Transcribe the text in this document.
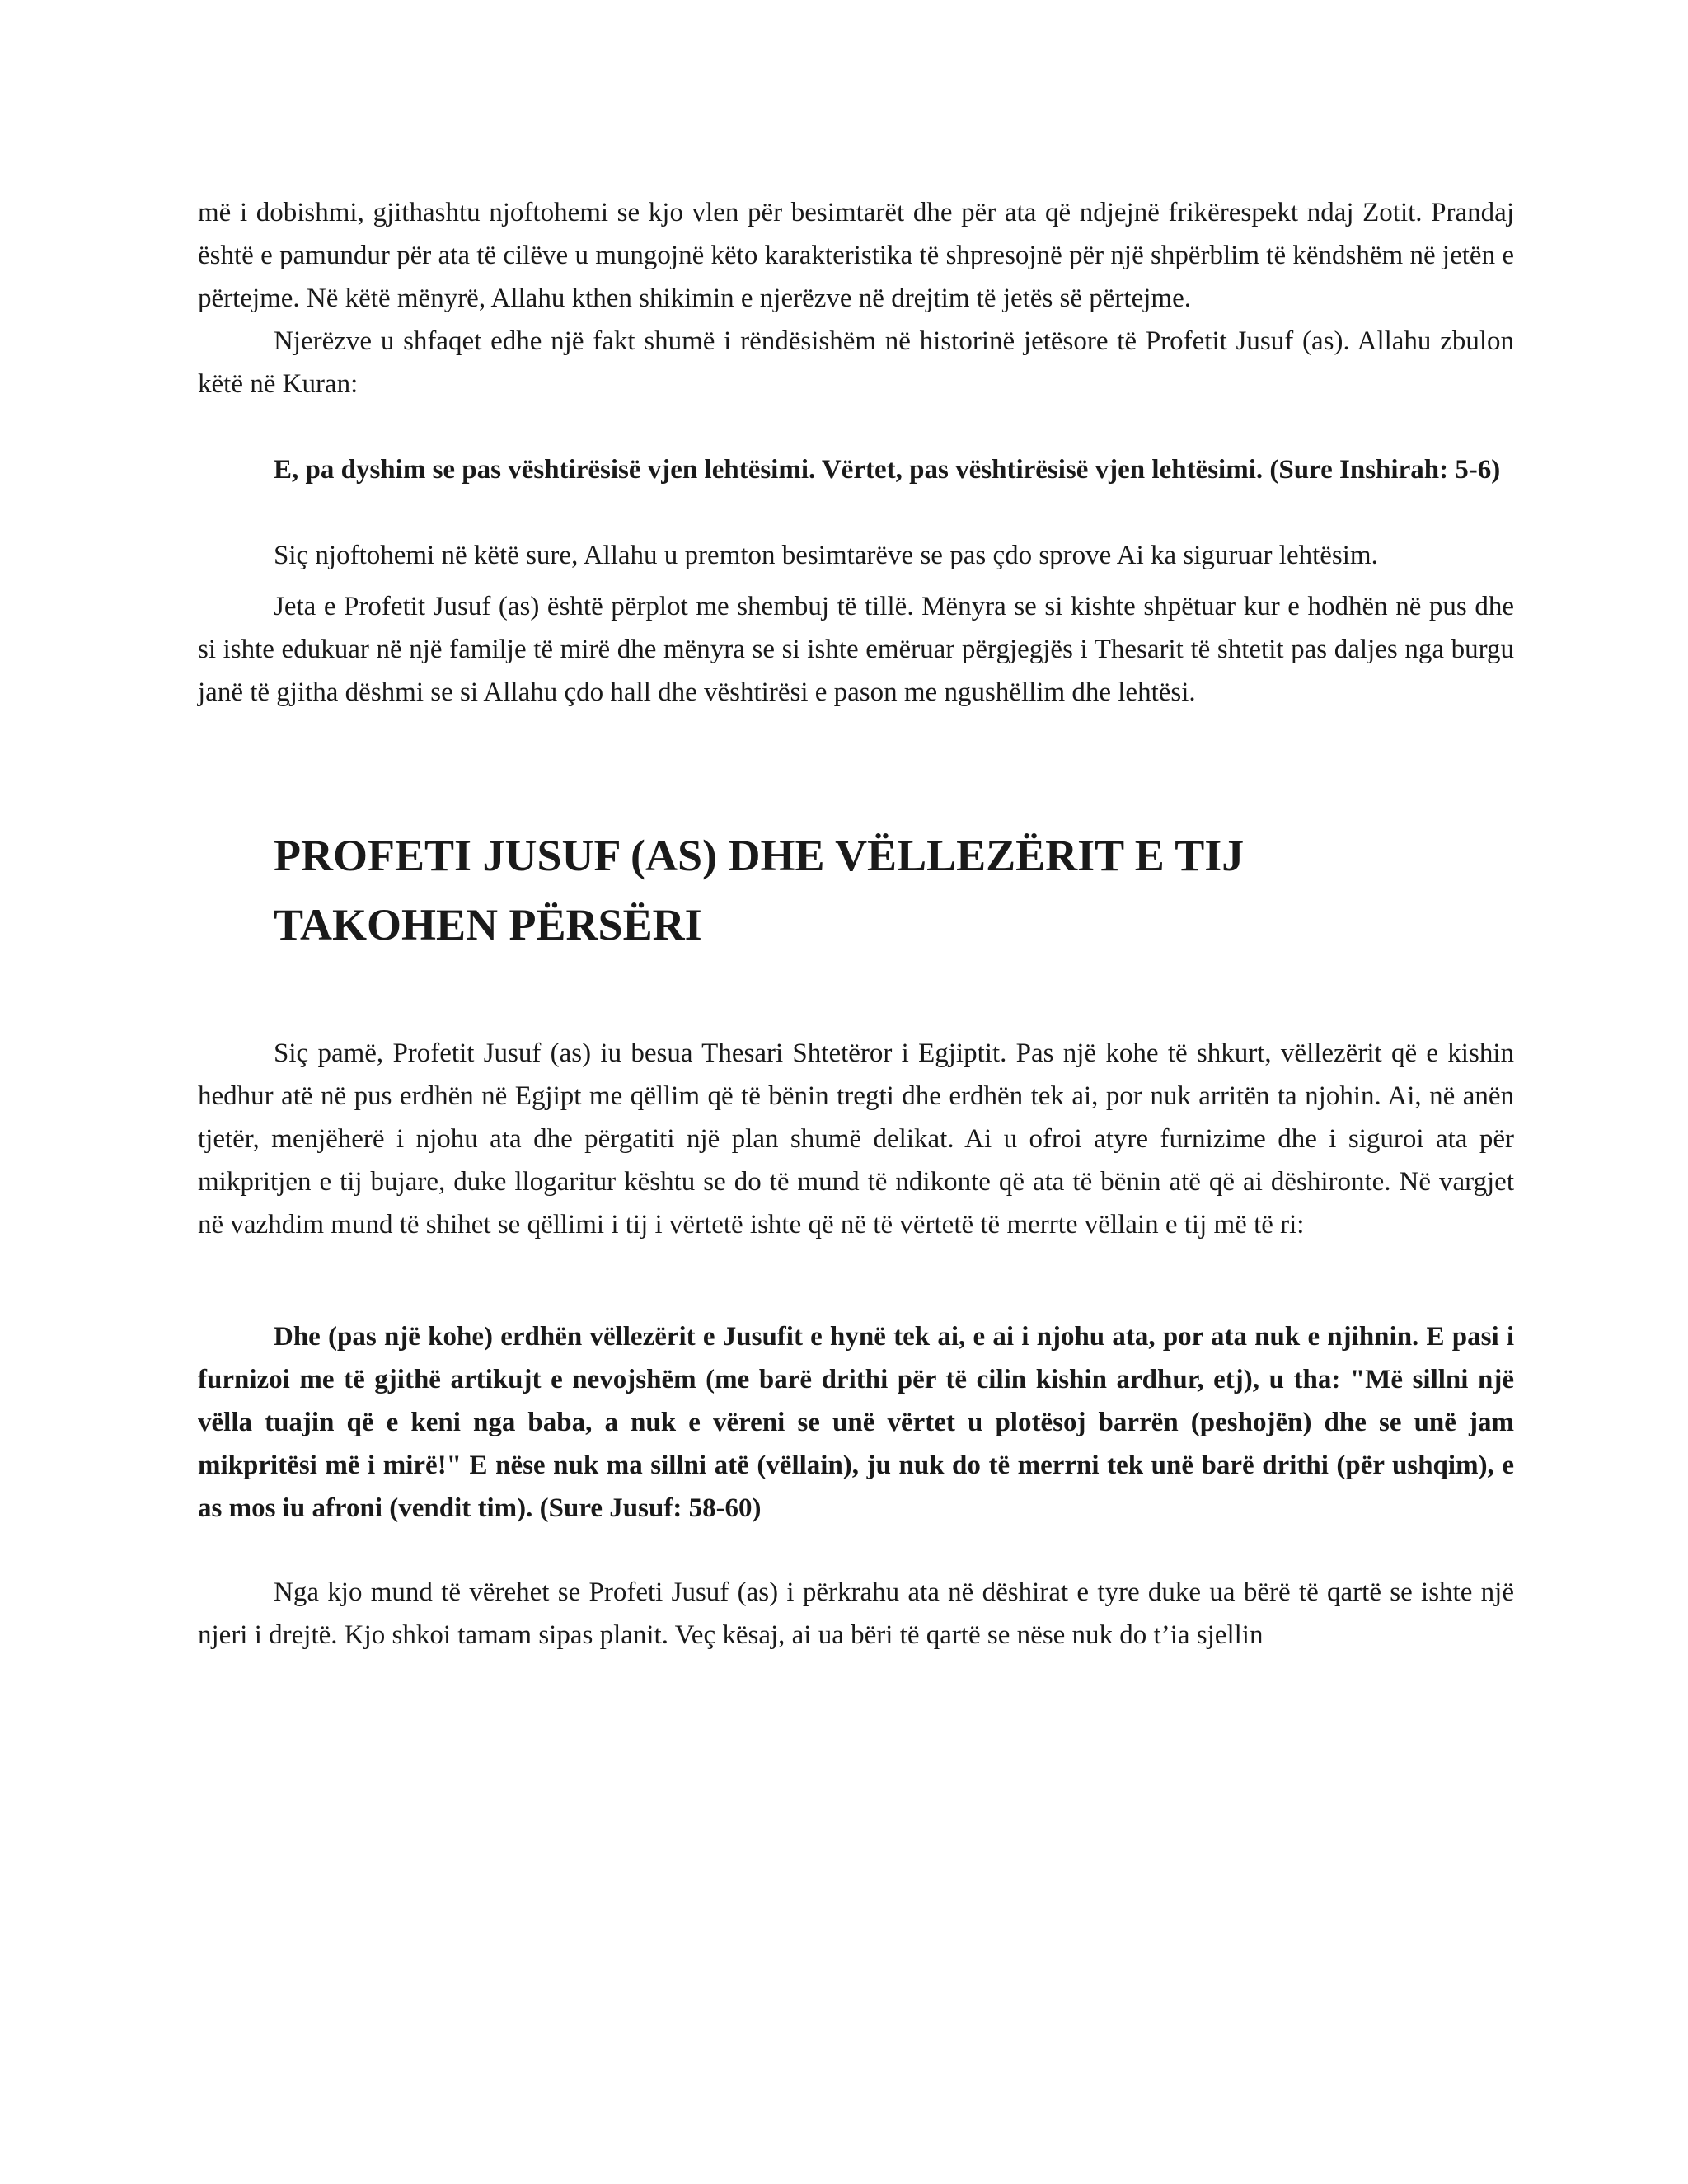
më i dobishmi, gjithashtu njoftohemi se kjo vlen për besimtarët dhe për ata që ndjejnë frikërespekt ndaj Zotit. Prandaj është e pamundur për ata të cilëve u mungojnë këto karakteristika të shpresojnë për një shpërblim të këndshëm në jetën e përtejme. Në këtë mënyrë, Allahu kthen shikimin e njerëzve në drejtim të jetës së përtejme.

Njerëzve u shfaqet edhe një fakt shumë i rëndësishëm në historinë jetësore të Profetit Jusuf (as). Allahu zbulon këtë në Kuran:

E, pa dyshim se pas vështirësisë vjen lehtësimi. Vërtet, pas vështirësisë vjen lehtësimi. (Sure Inshirah: 5-6)

Siç njoftohemi në këtë sure, Allahu u premton besimtarëve se pas çdo sprove Ai ka siguruar lehtësim.

Jeta e Profetit Jusuf (as) është përplot me shembuj të tillë. Mënyra se si kishte shpëtuar kur e hodhën në pus dhe si ishte edukuar në një familje të mirë dhe mënyra se si ishte emëruar përgjegjës i Thesarit të shtetit pas daljes nga burgu janë të gjitha dëshmi se si Allahu çdo hall dhe vështirësi e pason me ngushëllim dhe lehtësi.

PROFETI JUSUF (AS) DHE VËLLEZËRIT E TIJ
TAKOHEN PËRSËRI

Siç pamë, Profetit Jusuf (as) iu besua Thesari Shtetëror i Egjiptit. Pas një kohe të shkurt, vëllezërit që e kishin hedhur atë në pus erdhën në Egjipt me qëllim që të bënin tregti dhe erdhën tek ai, por nuk arritën ta njohin. Ai, në anën tjetër, menjëherë i njohu ata dhe përgatiti një plan shumë delikat. Ai u ofroi atyre furnizime dhe i siguroi ata për mikpritjen e tij bujare, duke llogaritur kështu se do të mund të ndikonte që ata të bënin atë që ai dëshironte. Në vargjet në vazhdim mund të shihet se qëllimi i tij i vërtetë ishte që në të vërtetë të merrte vëllain e tij më të ri:

Dhe (pas një kohe) erdhën vëllezërit e Jusufit e hynë tek ai, e ai i njohu ata, por ata nuk e njihnin. E pasi i furnizoi me të gjithë artikujt e nevojshëm (me barë drithi për të cilin kishin ardhur, etj), u tha: "Më sillni një vëlla tuajin që e keni nga baba, a nuk e vëreni se unë vërtet u plotësoj barrën (peshojën) dhe se unë jam mikpritësi më i mirë!" E nëse nuk ma sillni atë (vëllain), ju nuk do të merrni tek unë barë drithi (për ushqim), e as mos iu afroni (vendit tim). (Sure Jusuf: 58-60)

Nga kjo mund të vërehet se Profeti Jusuf (as) i përkrahu ata në dëshirat e tyre duke ua bërë të qartë se ishte një njeri i drejtë. Kjo shkoi tamam sipas planit. Veç kësaj, ai ua bëri të qartë se nëse nuk do t’ia sjellin
